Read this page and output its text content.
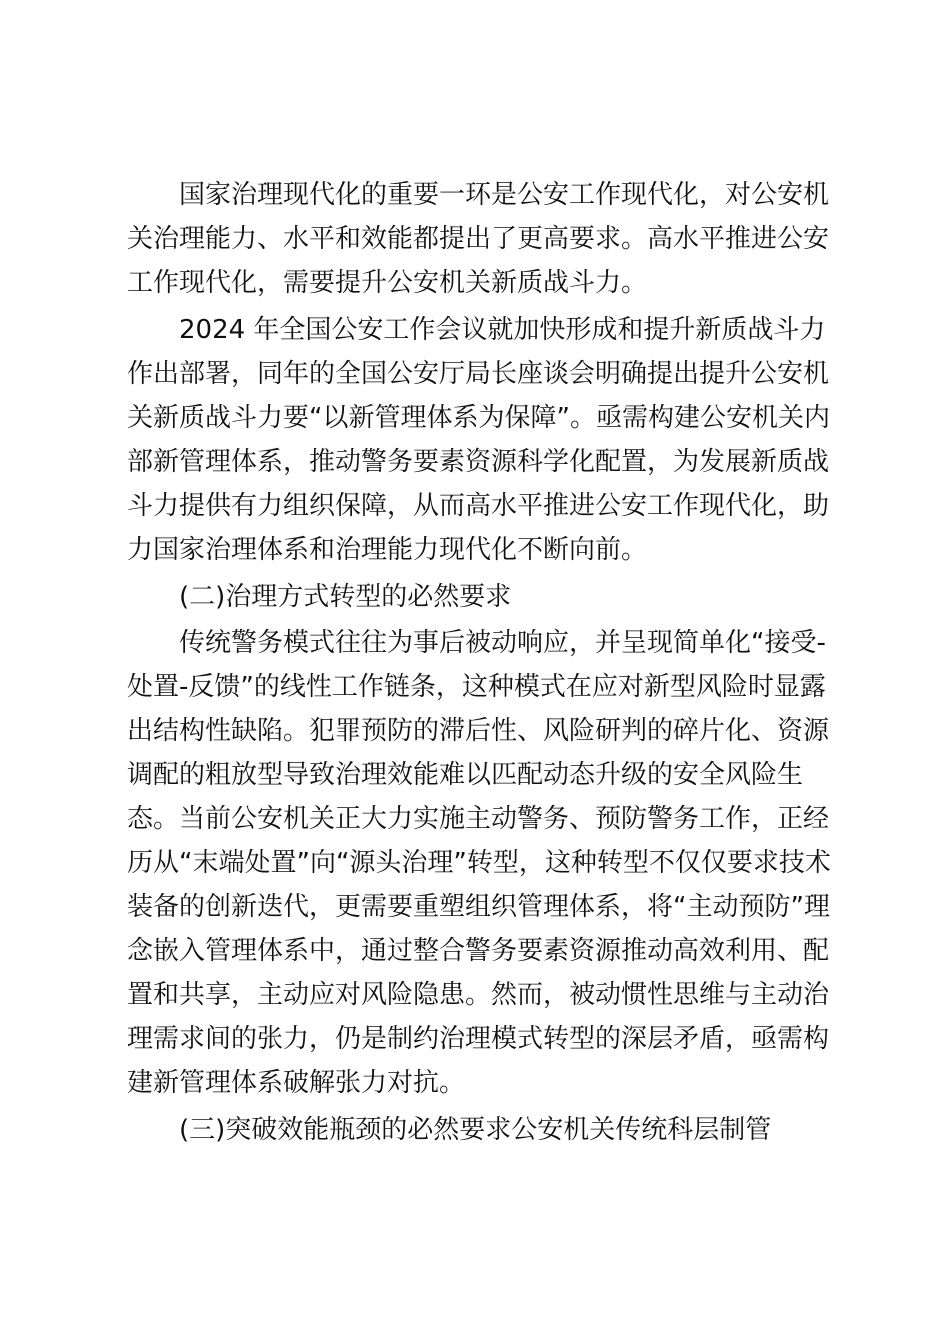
国家治理现代化的重要一环是公安工作现代化，对公安机
关治理能力、水平和效能都提出了更高要求。高水平推进公安
工作现代化，需要提升公安机关新质战斗力。
2024 年全国公安工作会议就加快形成和提升新质战斗力
作出部署，同年的全国公安厅局长座谈会明确提出提升公安机
关新质战斗力要“以新管理体系为保障”。亟需构建公安机关内
部新管理体系，推动警务要素资源科学化配置，为发展新质战
斗力提供有力组织保障，从而高水平推进公安工作现代化，助
力国家治理体系和治理能力现代化不断向前。
(二)治理方式转型的必然要求
传统警务模式往往为事后被动响应，并呈现简单化“接受-
处置-反馈”的线性工作链条，这种模式在应对新型风险时显露
出结构性缺陷。犯罪预防的滞后性、风险研判的碎片化、资源
调配的粗放型导致治理效能难以匹配动态升级的安全风险生
态。当前公安机关正大力实施主动警务、预防警务工作，正经
历从“末端处置”向“源头治理”转型，这种转型不仅仅要求技术
装备的创新迭代，更需要重塑组织管理体系，将“主动预防”理
念嵌入管理体系中，通过整合警务要素资源推动高效利用、配
置和共享，主动应对风险隐患。然而，被动惯性思维与主动治
理需求间的张力，仍是制约治理模式转型的深层矛盾，亟需构
建新管理体系破解张力对抗。
(三)突破效能瓶颈的必然要求公安机关传统科层制管
